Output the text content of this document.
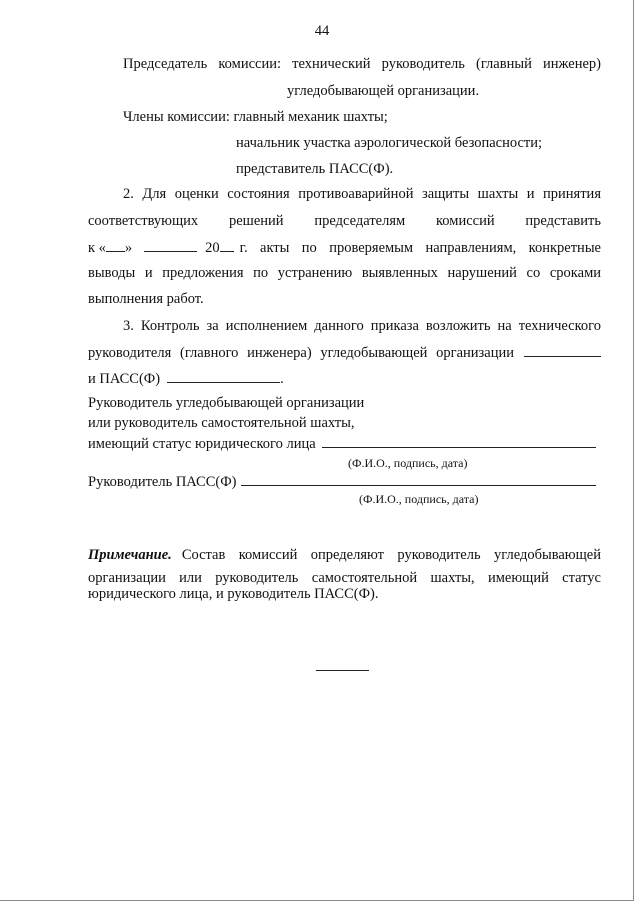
44
Председатель комиссии: технический руководитель (главный инженер)
угледобывающей организации.
Члены комиссии: главный механик шахты;
начальник участка аэрологической безопасности;
представитель ПАСС(Ф).
2. Для оценки состояния противоаварийной защиты шахты и принятия
соответствующих решений председателям комиссий представить
к « »	20 г. акты по проверяемым направлениям, конкретные
выводы и предложения по устранению выявленных нарушений со сроками
выполнения работ.
3. Контроль за исполнением данного приказа возложить на технического
руководителя (главного инженера) угледобывающей организации
и ПАСС(Ф)	.
Руководитель угледобывающей организации
или руководитель самостоятельной шахты,
имеющий статус юридического лица
(Ф.И.О., подпись, дата)
Руководитель ПАСС(Ф)
(Ф.И.О., подпись, дата)
Примечание. Состав комиссий определяют руководитель угледобывающей
организации или руководитель самостоятельной шахты, имеющий статус
юридического лица, и руководитель ПАСС(Ф).
